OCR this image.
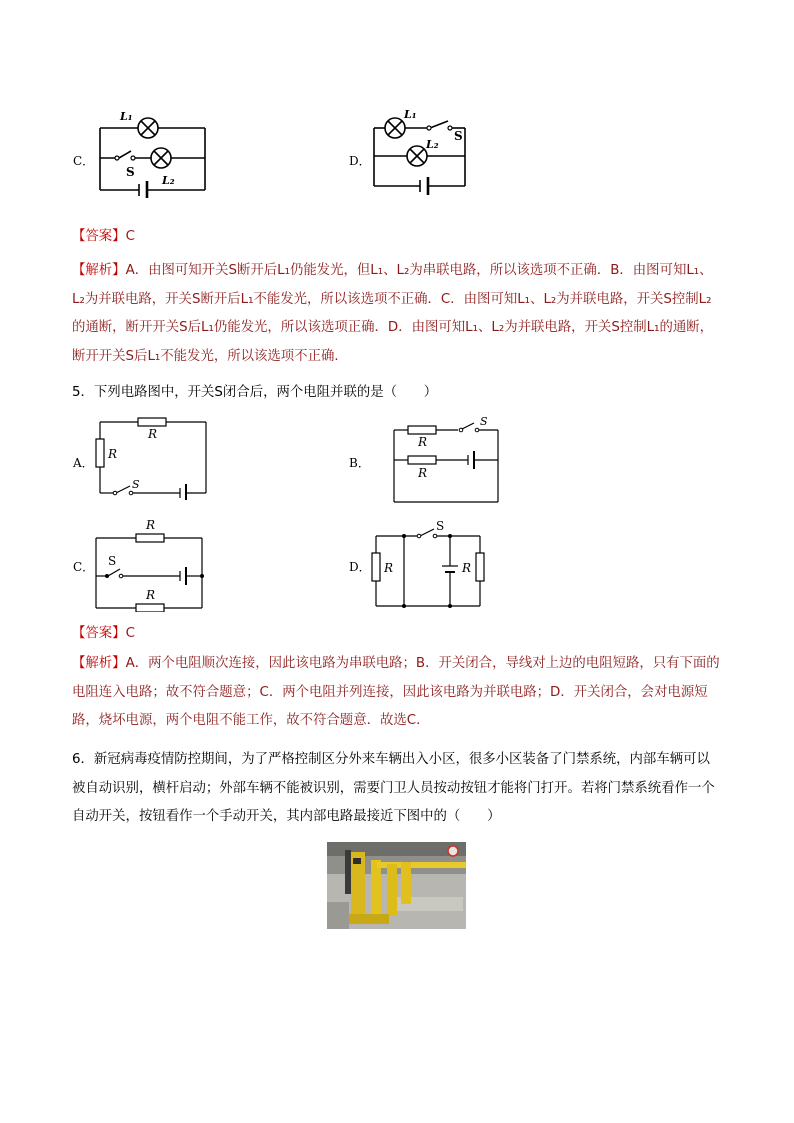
C．
L₁
S
L₂
D．
L₁
S
L₂
【答案】C
【解析】A．由图可知开关S断开后L₁仍能发光，但L₁、L₂为串联电路，所以该选项不正确．B．由图可知L₁、L₂为并联电路，开关S断开后L₁不能发光，所以该选项不正确．C．由图可知L₁、L₂为并联电路，开关S控制L₂的通断，断开开关S后L₁仍能发光，所以该选项正确．D．由图可知L₁、L₂为并联电路，开关S控制L₁的通断，断开开关S后L₁不能发光，所以该选项不正确．
5．下列电路图中，开关S闭合后，两个电阻并联的是（　　）
A．
R
R
S
B．
R
R
S
C．
R
S
R
D．
S
R	R
【答案】C
【解析】A．两个电阻顺次连接，因此该电路为串联电路；B．开关闭合，导线对上边的电阻短路，只有下面的电阻连入电路；故不符合题意；C．两个电阻并列连接，因此该电路为并联电路；D．开关闭合，会对电源短路，烧坏电源，两个电阻不能工作，故不符合题意．故选C．
6．新冠病毒疫情防控期间，为了严格控制区分外来车辆出入小区，很多小区装备了门禁系统，内部车辆可以被自动识别，横杆启动；外部车辆不能被识别，需要门卫人员按动按钮才能将门打开。若将门禁系统看作一个自动开关，按钮看作一个手动开关，其内部电路最接近下图中的（　　）
